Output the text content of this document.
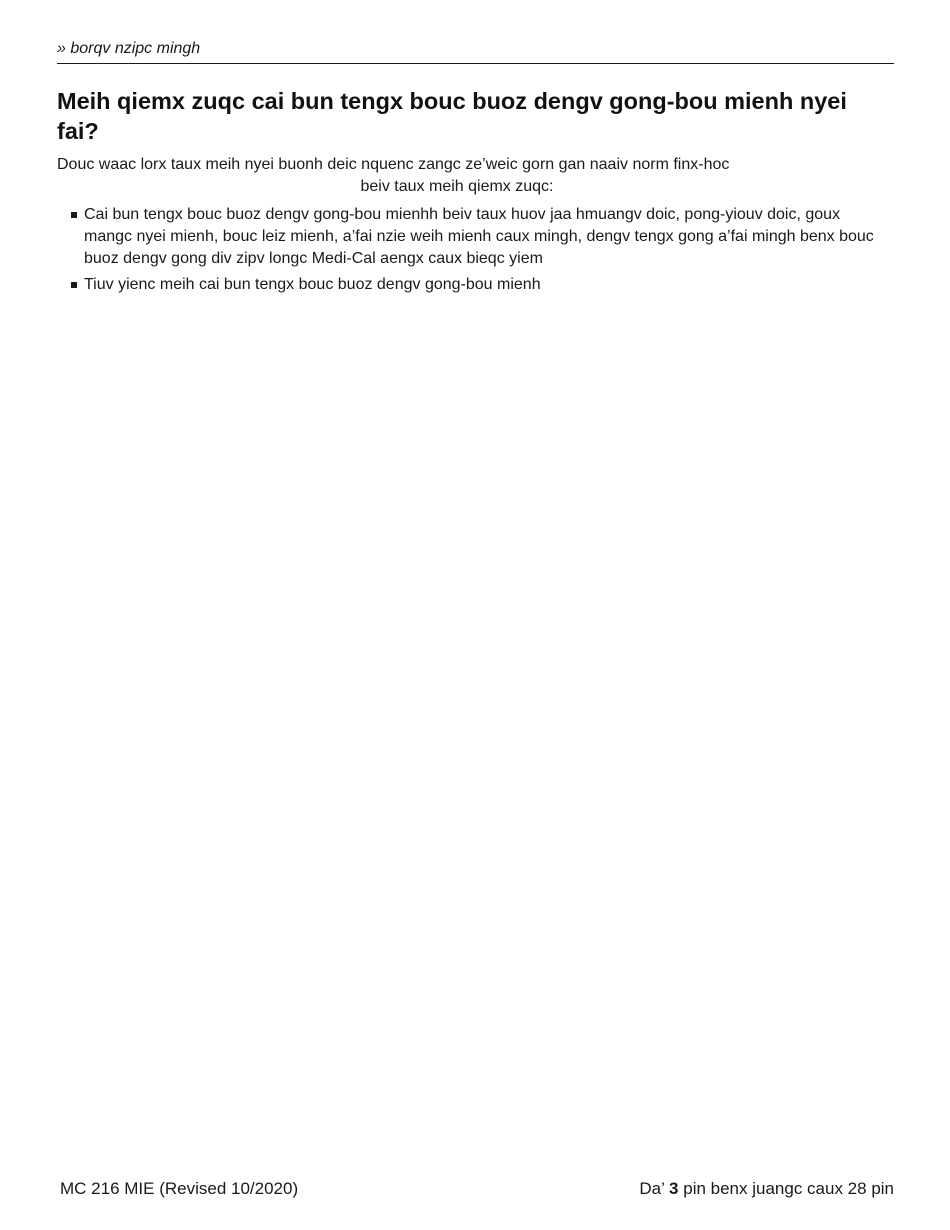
» borqv nzipc mingh
Meih qiemx zuqc cai bun tengx bouc buoz dengv gong-bou mienh nyei fai?

Douc waac lorx taux meih nyei buonh deic nquenc zangc ze’weic gorn gan naaiv norm finx-hoc
beiv taux meih qiemx zuqc:

Cai bun tengx bouc buoz dengv gong-bou mienhh beiv taux huov jaa hmuangv doic, pong-yiouv doic, goux mangc nyei mienh, bouc leiz mienh, a’fai nzie weih mienh caux mingh, dengv tengx gong a’fai mingh benx bouc buoz dengv gong div zipv longc Medi-Cal aengx caux bieqc yiem
Tiuv yienc meih cai bun tengx bouc buoz dengv gong-bou mienh
MC 216 MIE (Revised 10/2020)	Da’ 3 pin benx juangc caux 28 pin
